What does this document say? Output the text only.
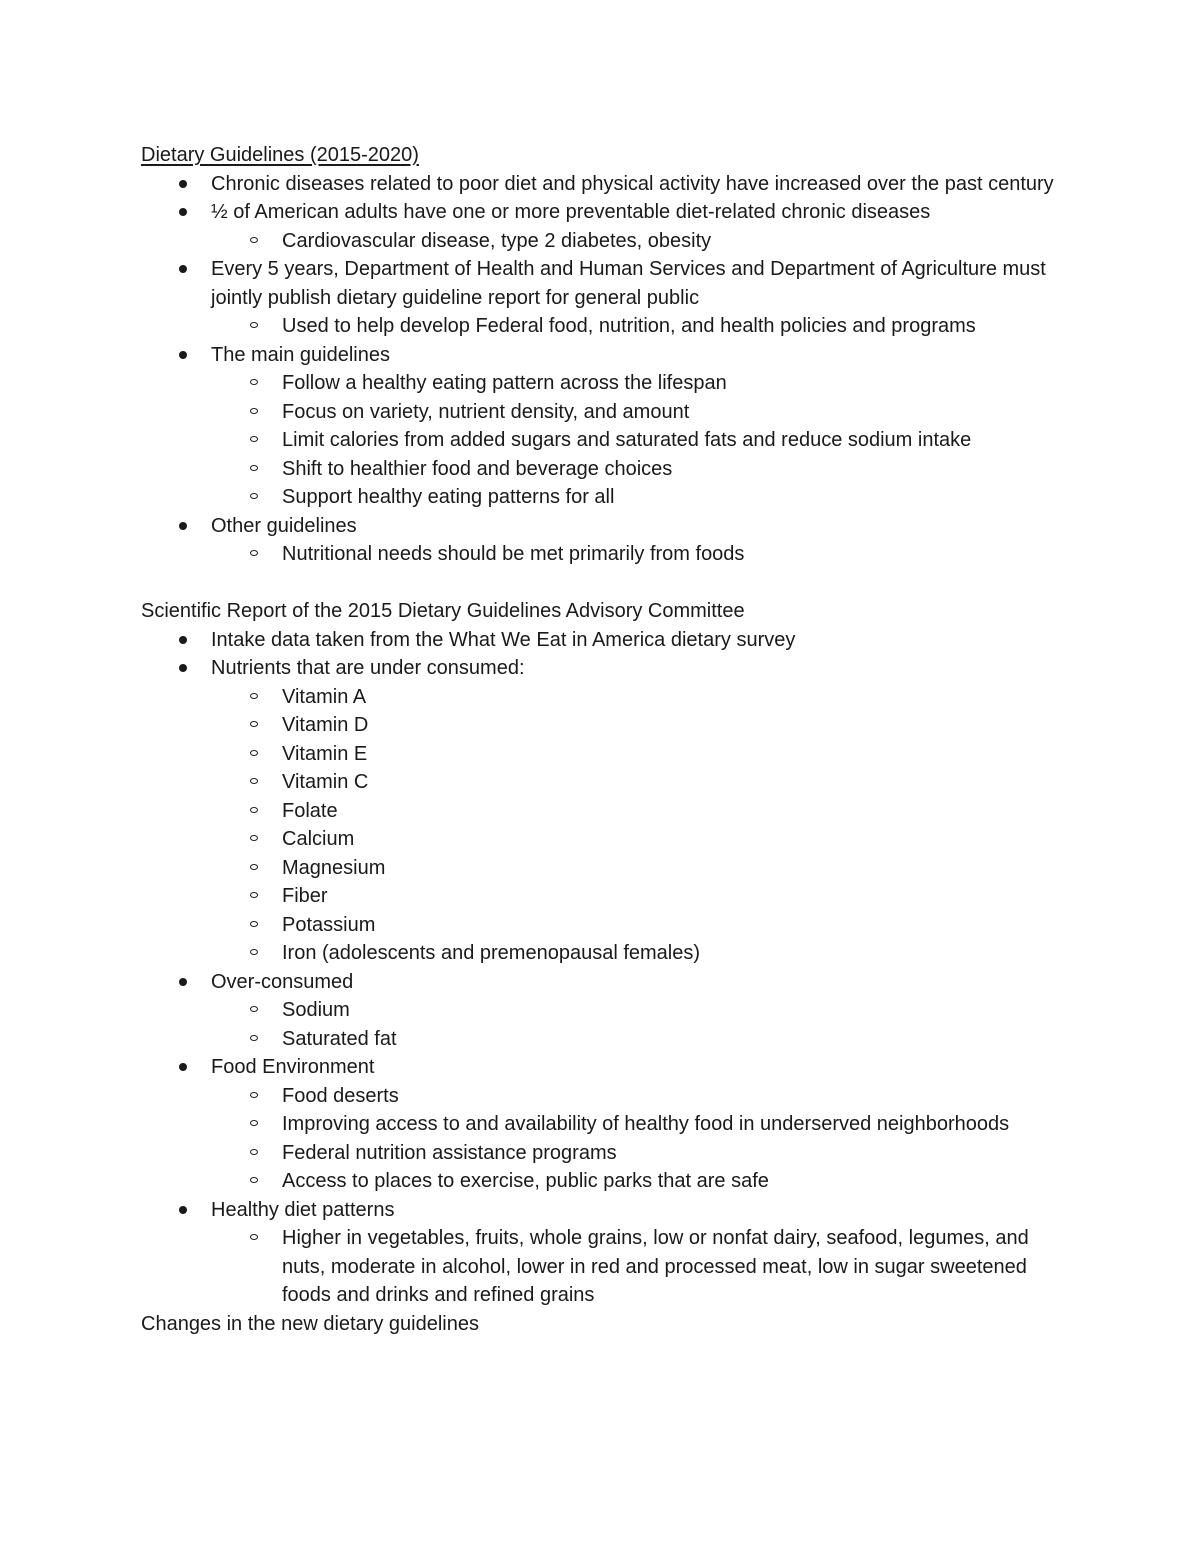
Dietary Guidelines (2015-2020)
Chronic diseases related to poor diet and physical activity have increased over the past century
½ of American adults have one or more preventable diet-related chronic diseases
Cardiovascular disease, type 2 diabetes, obesity
Every 5 years, Department of Health and Human Services and Department of Agriculture must jointly publish dietary guideline report for general public
Used to help develop Federal food, nutrition, and health policies and programs
The main guidelines
Follow a healthy eating pattern across the lifespan
Focus on variety, nutrient density, and amount
Limit calories from added sugars and saturated fats and reduce sodium intake
Shift to healthier food and beverage choices
Support healthy eating patterns for all
Other guidelines
Nutritional needs should be met primarily from foods
Scientific Report of the 2015 Dietary Guidelines Advisory Committee
Intake data taken from the What We Eat in America dietary survey
Nutrients that are under consumed:
Vitamin A
Vitamin D
Vitamin E
Vitamin C
Folate
Calcium
Magnesium
Fiber
Potassium
Iron (adolescents and premenopausal females)
Over-consumed
Sodium
Saturated fat
Food Environment
Food deserts
Improving access to and availability of healthy food in underserved neighborhoods
Federal nutrition assistance programs
Access to places to exercise, public parks that are safe
Healthy diet patterns
Higher in vegetables, fruits, whole grains, low or nonfat dairy, seafood, legumes, and nuts, moderate in alcohol, lower in red and processed meat, low in sugar sweetened foods and drinks and refined grains
Changes in the new dietary guidelines
